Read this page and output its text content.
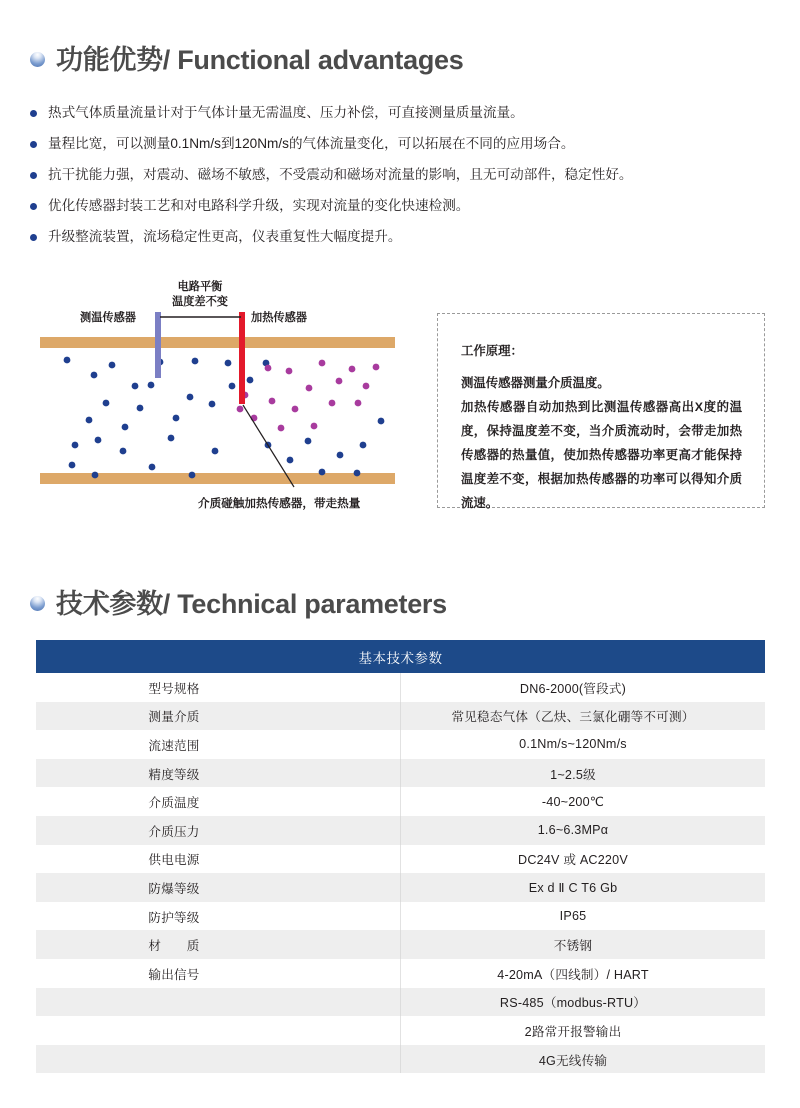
功能优势/ Functional advantages
热式气体质量流量计对于气体计量无需温度、压力补偿，可直接测量质量流量。
量程比宽，可以测量0.1Nm/s到120Nm/s的气体流量变化，可以拓展在不同的应用场合。
抗干扰能力强，对震动、磁场不敏感，不受震动和磁场对流量的影响，且无可动部件，稳定性好。
优化传感器封装工艺和对电路科学升级，实现对流量的变化快速检测。
升级整流装置，流场稳定性更高，仪表重复性大幅度提升。
测温传感器	加热传感器
电路平衡
温度差不变
介质碰触加热传感器，带走热量
工作原理：
测温传感器测量介质温度。
加热传感器自动加热到比测温传感器高出X度的温度，保持温度差不变，当介质流动时，会带走加热传感器的热量值，使加热传感器功率更高才能保持温度差不变，根据加热传感器的功率可以得知介质流速。
技术参数/ Technical parameters
基本技术参数	
型号规格	DN6-2000(管段式)
测量介质	常见稳态气体（乙炔、三氯化硼等不可测）
流速范围	0.1Nm/s~120Nm/s
精度等级	1~2.5级
介质温度	-40~200℃
介质压力	1.6~6.3MPα
供电电源	DC24V 或 AC220V
防爆等级	Ex d Ⅱ C T6 Gb
防护等级	IP65
材　　质	不锈钢
输出信号	4-20mA（四线制）/ HART
	RS-485（modbus-RTU）
	2路常开报警输出
	4G无线传输
